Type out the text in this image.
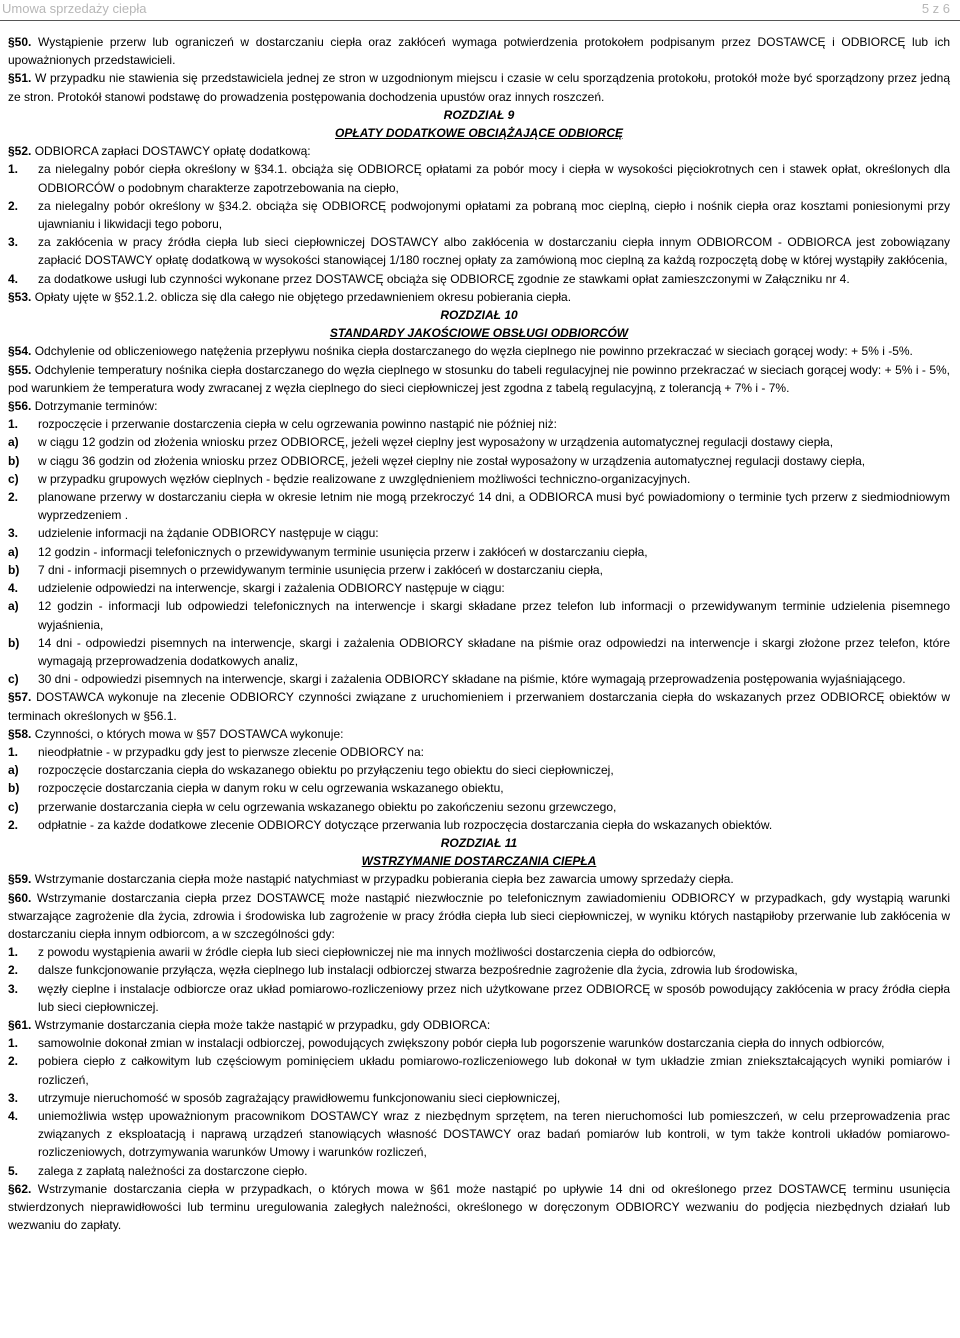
Umowa sprzedaży ciepła	5 z 6

§50. Wystąpienie przerw lub ograniczeń w dostarczaniu ciepła oraz zakłóceń wymaga potwierdzenia protokołem podpisanym przez DOSTAWCĘ i ODBIORCĘ lub ich upoważnionych przedstawicieli.

§51. W przypadku nie stawienia się przedstawiciela jednej ze stron w uzgodnionym miejscu i czasie w celu sporządzenia protokołu, protokół może być sporządzony przez jedną ze stron. Protokół stanowi podstawę do prowadzenia postępowania dochodzenia upustów oraz innych roszczeń.

ROZDZIAŁ 9

OPŁATY DODATKOWE OBCIĄŻAJĄCE ODBIORCĘ

§52. ODBIORCA zapłaci DOSTAWCY opłatę dodatkową:

1. za nielegalny pobór ciepła określony w §34.1. obciąża się ODBIORCĘ opłatami za pobór mocy i ciepła w wysokości pięciokrotnych cen i stawek opłat, określonych dla ODBIORCÓW o podobnym charakterze zapotrzebowania na ciepło,

2. za nielegalny pobór określony w §34.2. obciąża się ODBIORCĘ podwojonymi opłatami za pobraną moc cieplną, ciepło i nośnik ciepła oraz kosztami poniesionymi przy ujawnianiu i likwidacji tego poboru,

3. za zakłócenia w pracy źródła ciepła lub sieci ciepłowniczej DOSTAWCY albo zakłócenia w dostarczaniu ciepła innym ODBIORCOM - ODBIORCA jest zobowiązany zapłacić DOSTAWCY opłatę dodatkową w wysokości stanowiącej 1/180 rocznej opłaty za zamówioną moc cieplną za każdą rozpoczętą dobę w której wystąpiły zakłócenia,

4. za dodatkowe usługi lub czynności wykonane przez DOSTAWCĘ obciąża się ODBIORCĘ zgodnie ze stawkami opłat zamieszczonymi w Załączniku nr 4.

§53. Opłaty ujęte w §52.1.2. oblicza się dla całego nie objętego przedawnieniem okresu pobierania ciepła.

ROZDZIAŁ 10

STANDARDY JAKOŚCIOWE OBSŁUGI ODBIORCÓW

§54. Odchylenie od obliczeniowego natężenia przepływu nośnika ciepła dostarczanego do węzła cieplnego nie powinno przekraczać w sieciach gorącej wody: + 5% i -5%.

§55. Odchylenie temperatury nośnika ciepła dostarczanego do węzła cieplnego w stosunku do tabeli regulacyjnej nie powinno przekraczać w sieciach gorącej wody: + 5% i - 5%, pod warunkiem że temperatura wody zwracanej z węzła cieplnego do sieci ciepłowniczej jest zgodna z tabelą regulacyjną, z tolerancją + 7% i - 7%.

§56. Dotrzymanie terminów:

1. rozpoczęcie i przerwanie dostarczenia ciepła w celu ogrzewania powinno nastąpić nie później niż:

a) w ciągu 12 godzin od złożenia wniosku przez ODBIORCĘ, jeżeli węzeł cieplny jest wyposażony w urządzenia automatycznej regulacji dostawy ciepła,

b) w ciągu 36 godzin od złożenia wniosku przez ODBIORCĘ, jeżeli węzeł cieplny nie został wyposażony w urządzenia automatycznej regulacji dostawy ciepła,

c) w przypadku grupowych węzłów cieplnych - będzie realizowane z uwzględnieniem możliwości techniczno-organizacyjnych.

2. planowane przerwy w dostarczaniu ciepła w okresie letnim nie mogą przekroczyć 14 dni, a ODBIORCA musi być powiadomiony o terminie tych przerw z siedmiodniowym wyprzedzeniem .

3. udzielenie informacji na żądanie ODBIORCY następuje w ciągu:

a) 12 godzin - informacji telefonicznych o przewidywanym terminie usunięcia przerw i zakłóceń w dostarczaniu ciepła,

b) 7 dni - informacji pisemnych o przewidywanym terminie usunięcia przerw i zakłóceń w dostarczaniu ciepła,

4. udzielenie odpowiedzi na interwencje, skargi i zażalenia ODBIORCY następuje w ciągu:

a) 12 godzin - informacji lub odpowiedzi telefonicznych na interwencje i skargi składane przez telefon lub informacji o przewidywanym terminie udzielenia pisemnego wyjaśnienia,

b) 14 dni - odpowiedzi pisemnych na interwencje, skargi i zażalenia ODBIORCY składane na piśmie oraz odpowiedzi na interwencje i skargi złożone przez telefon, które wymagają przeprowadzenia dodatkowych analiz,

c) 30 dni - odpowiedzi pisemnych na interwencje, skargi i zażalenia ODBIORCY składane na piśmie, które wymagają przeprowadzenia postępowania wyjaśniającego.

§57. DOSTAWCA wykonuje na zlecenie ODBIORCY czynności związane z uruchomieniem i przerwaniem dostarczania ciepła do wskazanych przez ODBIORCĘ obiektów w terminach określonych w §56.1.

§58. Czynności, o których mowa w §57 DOSTAWCA wykonuje:

1. nieodpłatnie - w przypadku gdy jest to pierwsze zlecenie ODBIORCY na:

a) rozpoczęcie dostarczania ciepła do wskazanego obiektu po przyłączeniu tego obiektu do sieci ciepłowniczej,

b) rozpoczęcie dostarczania ciepła w danym roku w celu ogrzewania wskazanego obiektu,

c) przerwanie dostarczania ciepła w celu ogrzewania wskazanego obiektu po zakończeniu sezonu grzewczego,

2. odpłatnie - za każde dodatkowe zlecenie ODBIORCY dotyczące przerwania lub rozpoczęcia dostarczania ciepła do wskazanych obiektów.

ROZDZIAŁ 11

WSTRZYMANIE DOSTARCZANIA CIEPŁA

§59. Wstrzymanie dostarczania ciepła może nastąpić natychmiast w przypadku pobierania ciepła bez zawarcia umowy sprzedaży ciepła.

§60. Wstrzymanie dostarczania ciepła przez DOSTAWCĘ może nastąpić niezwłocznie po telefonicznym zawiadomieniu ODBIORCY w przypadkach, gdy wystąpią warunki stwarzające zagrożenie dla życia, zdrowia i środowiska lub zagrożenie w pracy źródła ciepła lub sieci ciepłowniczej, w wyniku których nastąpiłoby przerwanie lub zakłócenia w dostarczaniu ciepła innym odbiorcom, a w szczególności gdy:

1. z powodu wystąpienia awarii w źródle ciepła lub sieci ciepłowniczej nie ma innych możliwości dostarczenia ciepła do odbiorców,

2. dalsze funkcjonowanie przyłącza, węzła cieplnego lub instalacji odbiorczej stwarza bezpośrednie zagrożenie dla życia, zdrowia lub środowiska,

3. węzły cieplne i instalacje odbiorcze oraz układ pomiarowo-rozliczeniowy przez nich użytkowane przez ODBIORCĘ w sposób powodujący zakłócenia w pracy źródła ciepła lub sieci ciepłowniczej.

§61. Wstrzymanie dostarczania ciepła może także nastąpić w przypadku, gdy ODBIORCA:

1. samowolnie dokonał zmian w instalacji odbiorczej, powodujących zwiększony pobór ciepła lub pogorszenie warunków dostarczania ciepła do innych odbiorców,

2. pobiera ciepło z całkowitym lub częściowym pominięciem układu pomiarowo-rozliczeniowego lub dokonał w tym układzie zmian zniekształcających wyniki pomiarów i rozliczeń,

3. utrzymuje nieruchomość w sposób zagrażający prawidłowemu funkcjonowaniu sieci ciepłowniczej,

4. uniemożliwia wstęp upoważnionym pracownikom DOSTAWCY wraz z niezbędnym sprzętem, na teren nieruchomości lub pomieszczeń, w celu przeprowadzenia prac związanych z eksploatacją i naprawą urządzeń stanowiących własność DOSTAWCY oraz badań pomiarów lub kontroli, w tym także kontroli układów pomiarowo-rozliczeniowych, dotrzymywania warunków Umowy i warunków rozliczeń,

5. zalega z zapłatą należności za dostarczone ciepło.

§62. Wstrzymanie dostarczania ciepła w przypadkach, o których mowa w §61 może nastąpić po upływie 14 dni od określonego przez DOSTAWCĘ terminu usunięcia stwierdzonych nieprawidłowości lub terminu uregulowania zaległych należności, określonego w doręczonym ODBIORCY wezwaniu do podjęcia niezbędnych działań lub wezwaniu do zapłaty.
